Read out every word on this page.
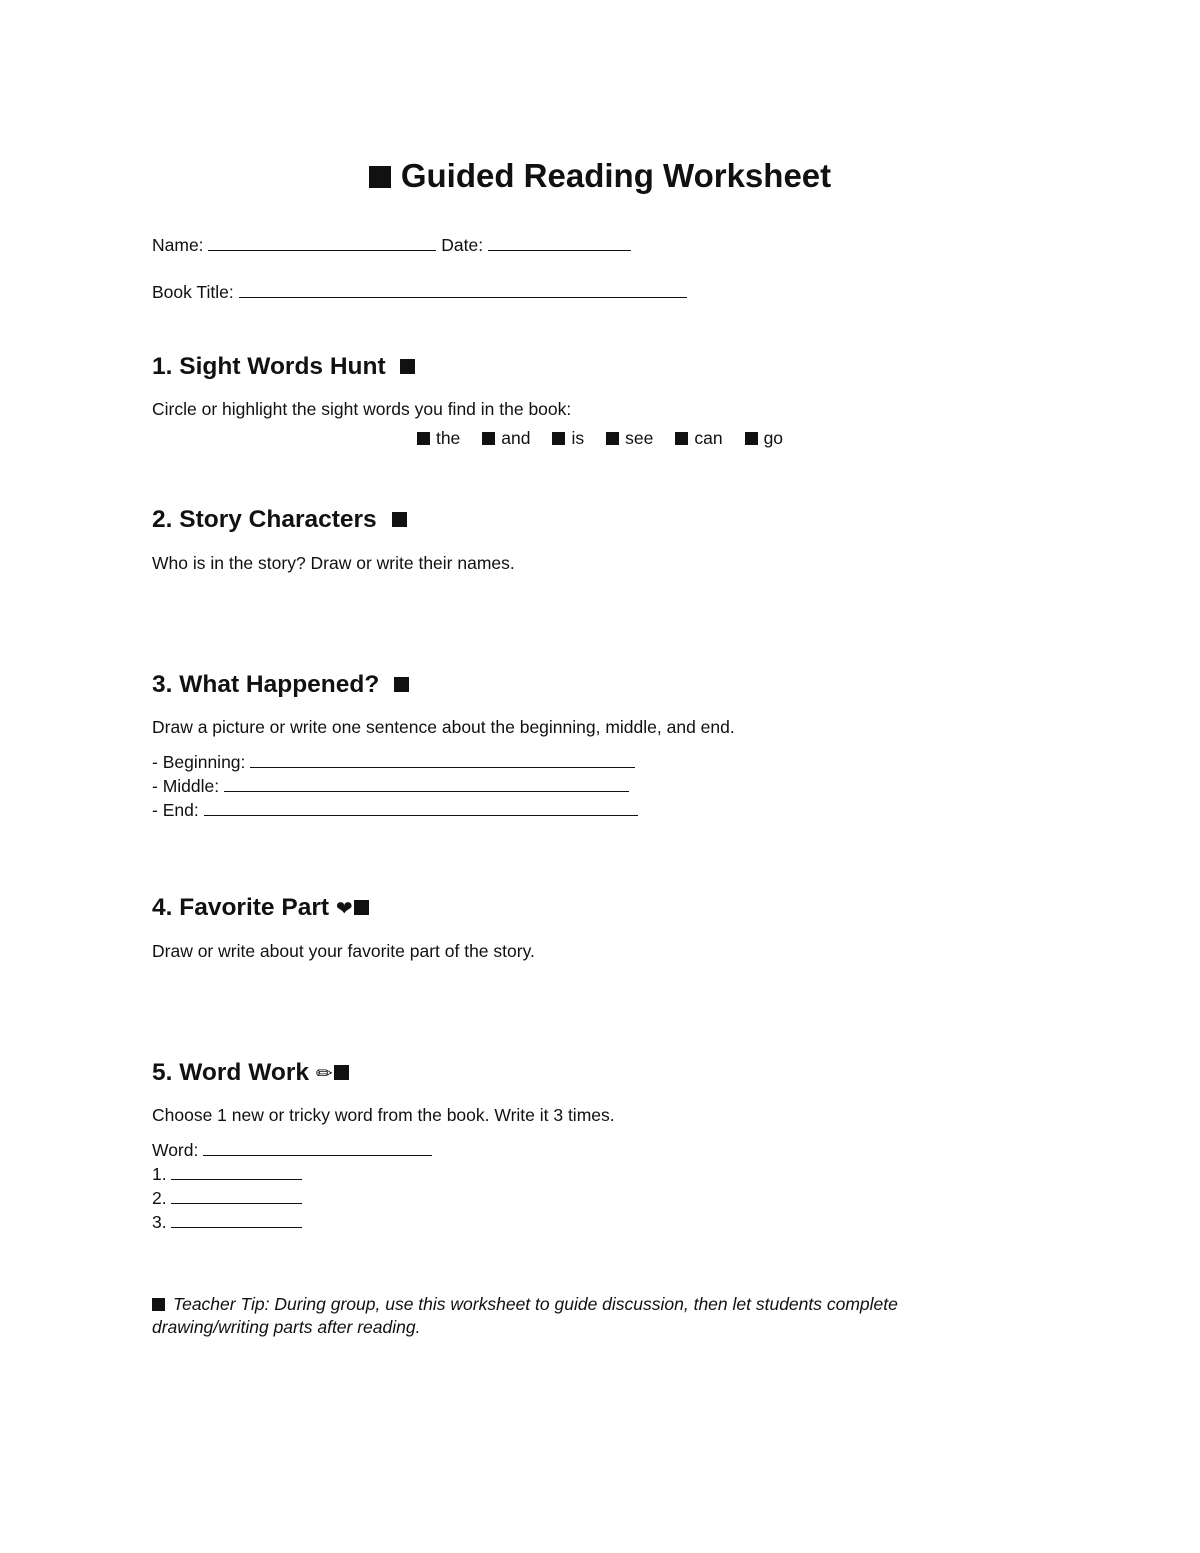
Guided Reading Worksheet
Name:	Date:
Book Title:
1. Sight Words Hunt
Circle or highlight the sight words you find in the book:
the and is see can go
2. Story Characters
Who is in the story? Draw or write their names.
3. What Happened?
Draw a picture or write one sentence about the beginning, middle, and end.
- Beginning:
- Middle:
- End:
4. Favorite Part ❤
Draw or write about your favorite part of the story.
5. Word Work ✏
Choose 1 new or tricky word from the book. Write it 3 times.
Word:
1.
2.
3.
Teacher Tip: During group, use this worksheet to guide discussion, then let students complete drawing/writing parts after reading.
